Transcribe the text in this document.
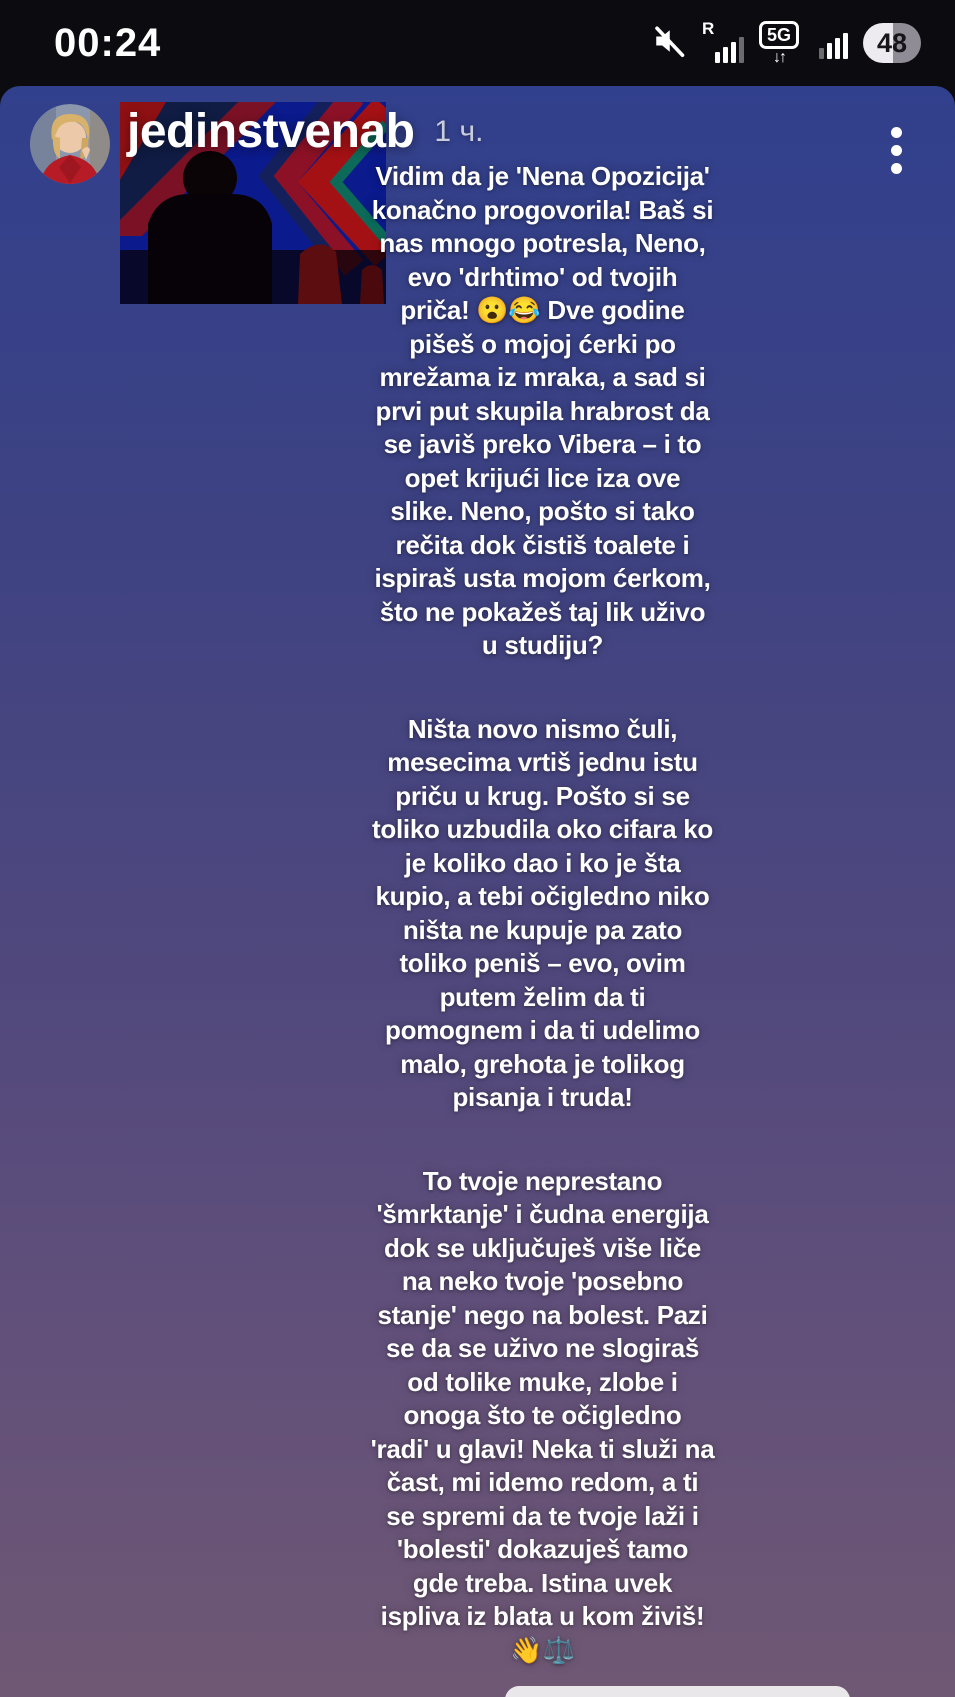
00:24	R	5G
↓↑	48
jedinstvenab 1 ч.
Vidim da je 'Nena Opozicija'
konačno progovorila! Baš si
nas mnogo potresla, Neno,
evo 'drhtimo' od tvojih
priča! 😮😂 Dve godine
pišeš o mojoj ćerki po
mrežama iz mraka, a sad si
prvi put skupila hrabrost da
se javiš preko Vibera – i to
opet krijući lice iza ove
slike. Neno, pošto si tako
rečita dok čistiš toalete i
ispiraš usta mojom ćerkom,
što ne pokažeš taj lik uživo
u studiju?
Ništa novo nismo čuli,
mesecima vrtiš jednu istu
priču u krug. Pošto si se
toliko uzbudila oko cifara ko
je koliko dao i ko je šta
kupio, a tebi očigledno niko
ništa ne kupuje pa zato
toliko peniš – evo, ovim
putem želim da ti
pomognem i da ti udelimo
malo, grehota je tolikog
pisanja i truda!
To tvoje neprestano
'šmrktanje' i čudna energija
dok se uključuješ više liče
na neko tvoje 'posebno
stanje' nego na bolest. Pazi
se da se uživo ne slogiraš
od tolike muke, zlobe i
onoga što te očigledno
'radi' u glavi! Neka ti služi na
čast, mi idemo redom, a ti
se spremi da te tvoje laži i
'bolesti' dokazuješ tamo
gde treba. Istina uvek
ispliva iz blata u kom živiš!
👋⚖️
